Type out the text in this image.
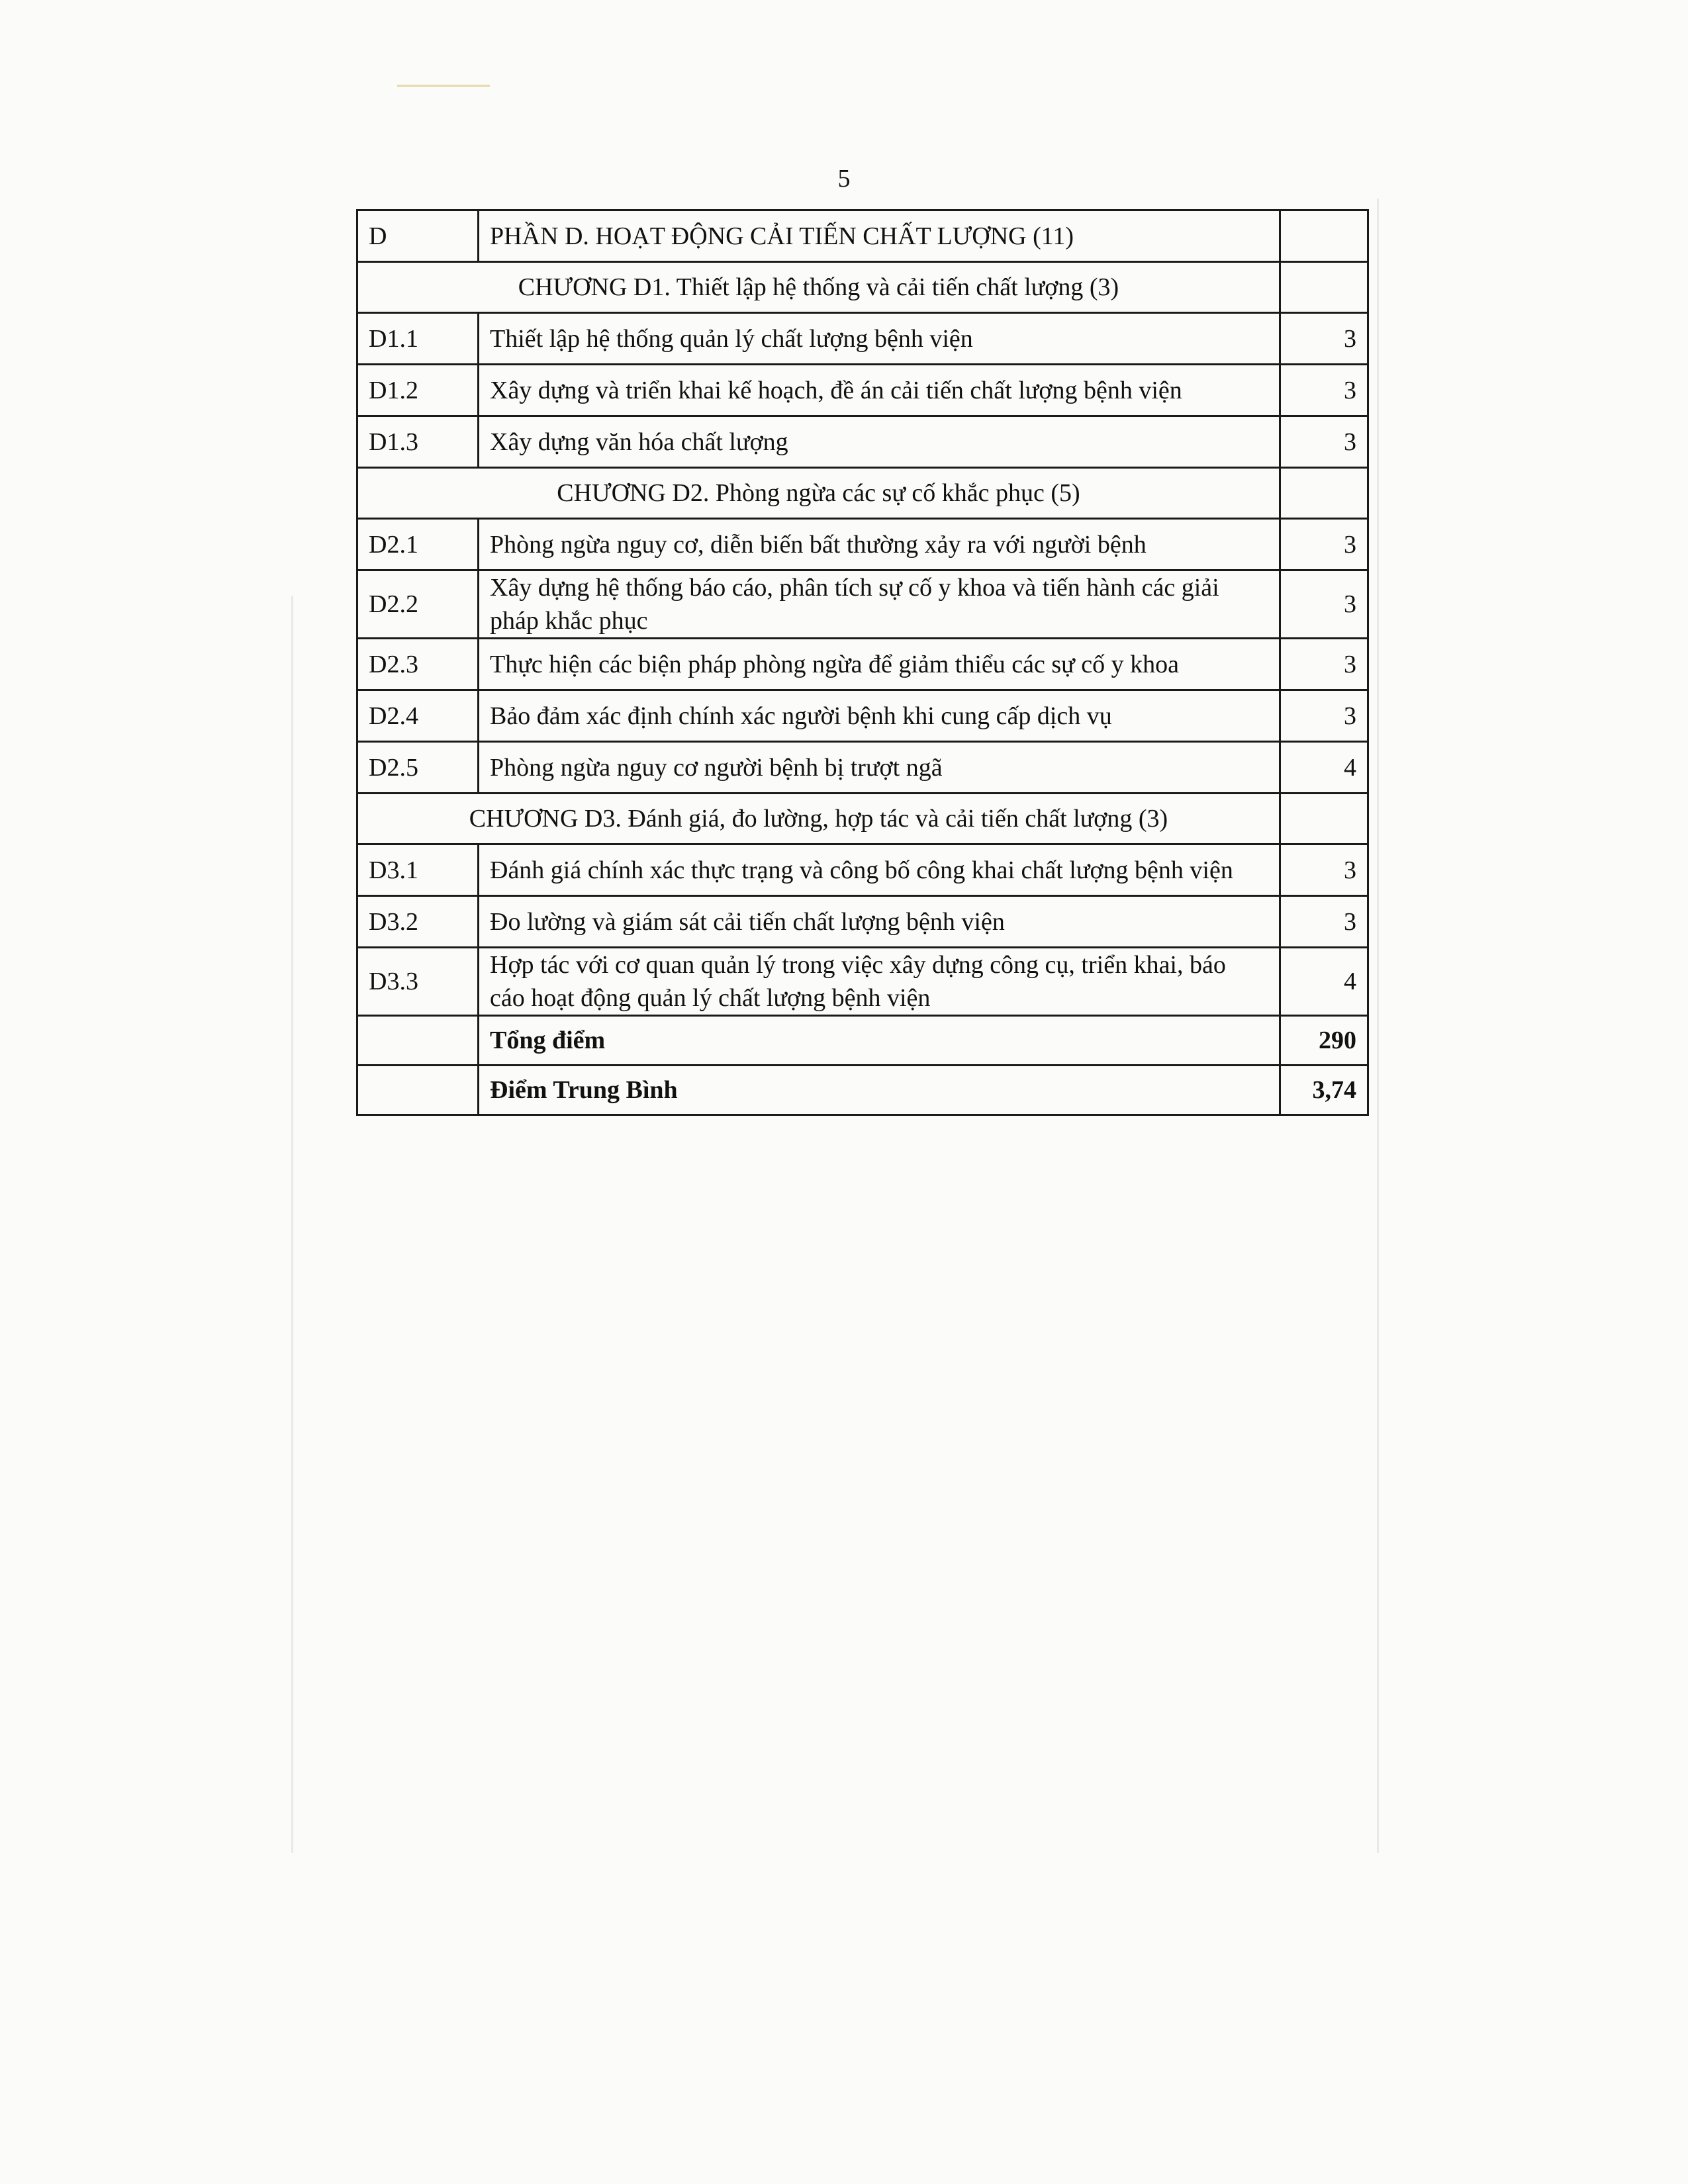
5
D	PHẦN D. HOẠT ĐỘNG CẢI TIẾN CHẤT LƯỢNG (11)	
CHƯƠNG D1. Thiết lập hệ thống và cải tiến chất lượng (3)		
D1.1	Thiết lập hệ thống quản lý chất lượng bệnh viện	3
D1.2	Xây dựng và triển khai kế hoạch, đề án cải tiến chất lượng bệnh viện	3
D1.3	Xây dựng văn hóa chất lượng	3
CHƯƠNG D2. Phòng ngừa các sự cố khắc phục (5)		
D2.1	Phòng ngừa nguy cơ, diễn biến bất thường xảy ra với người bệnh	3
D2.2	Xây dựng hệ thống báo cáo, phân tích sự cố y khoa và tiến hành các giải
pháp khắc phục	3
D2.3	Thực hiện các biện pháp phòng ngừa để giảm thiểu các sự cố y khoa	3
D2.4	Bảo đảm xác định chính xác người bệnh khi cung cấp dịch vụ	3
D2.5	Phòng ngừa nguy cơ người bệnh bị trượt ngã	4
CHƯƠNG D3. Đánh giá, đo lường, hợp tác và cải tiến chất lượng (3)		
D3.1	Đánh giá chính xác thực trạng và công bố công khai chất lượng bệnh viện	3
D3.2	Đo lường và giám sát cải tiến chất lượng bệnh viện	3
D3.3	Hợp tác với cơ quan quản lý trong việc xây dựng công cụ, triển khai, báo
cáo hoạt động quản lý chất lượng bệnh viện	4
	Tổng điểm	290
	Điểm Trung Bình	3,74
